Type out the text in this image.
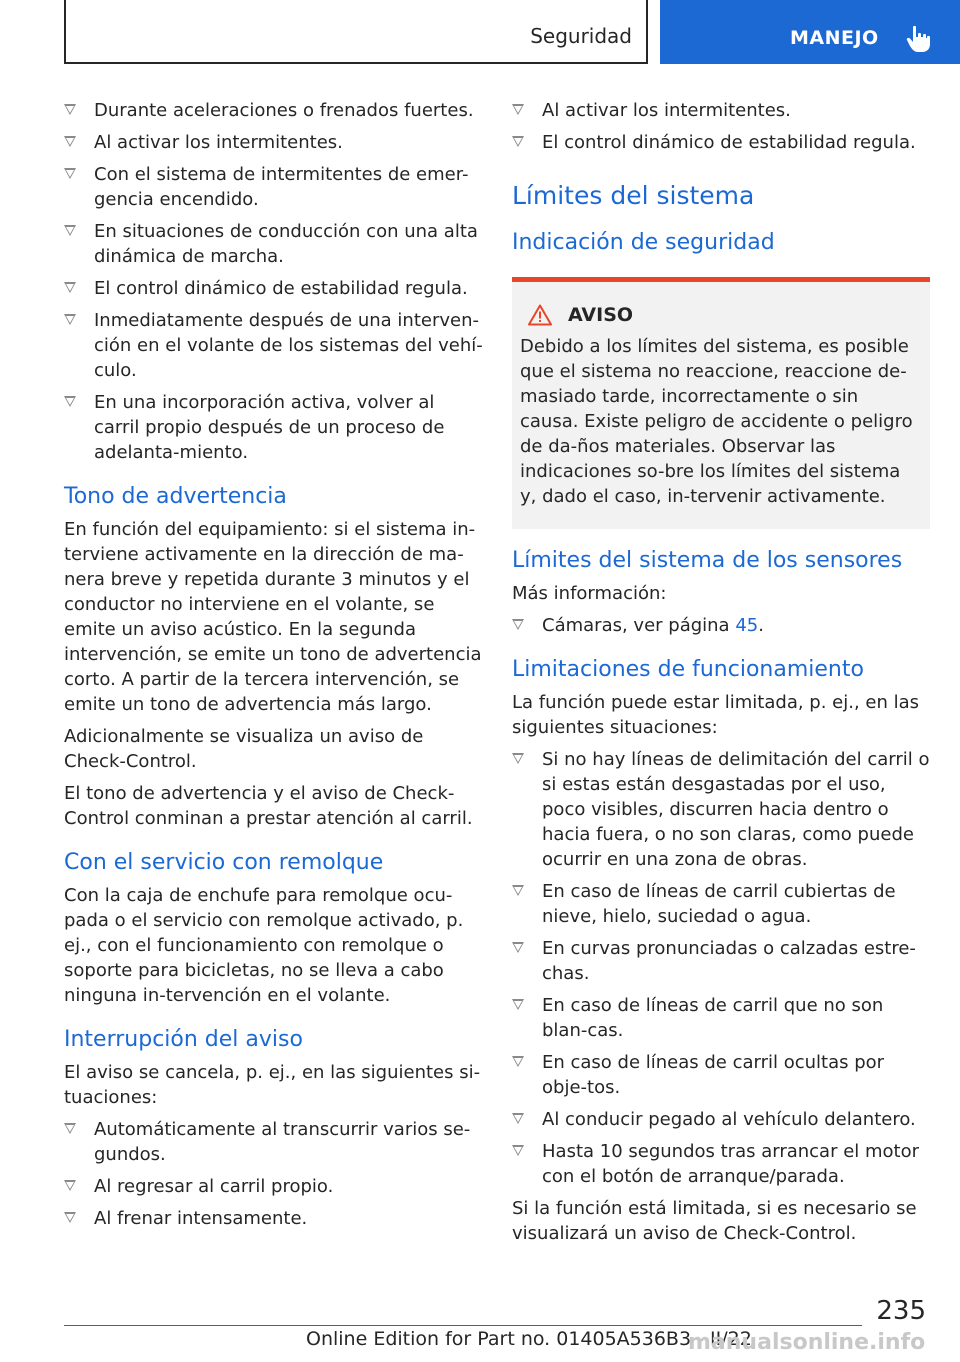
Seguridad	MANEJO
Durante aceleraciones o frenados fuertes.
Al activar los intermitentes.
Con el sistema de intermitentes de emer-gencia encendido.
En situaciones de conducción con una alta dinámica de marcha.
El control dinámico de estabilidad regula.
Inmediatamente después de una interven-ción en el volante de los sistemas del vehí-culo.
En una incorporación activa, volver al carril propio después de un proceso de adelanta-miento.
Tono de advertencia
En función del equipamiento: si el sistema in-terviene activamente en la dirección de ma-nera breve y repetida durante 3 minutos y el conductor no interviene en el volante, se emite un aviso acústico. En la segunda intervención, se emite un tono de advertencia corto. A partir de la tercera intervención, se emite un tono de advertencia más largo.
Adicionalmente se visualiza un aviso de Check-Control.
El tono de advertencia y el aviso de Check-Control conminan a prestar atención al carril.
Con el servicio con remolque
Con la caja de enchufe para remolque ocu-pada o el servicio con remolque activado, p. ej., con el funcionamiento con remolque o soporte para bicicletas, no se lleva a cabo ninguna in-tervención en el volante.
Interrupción del aviso
El aviso se cancela, p. ej., en las siguientes si-tuaciones:
Automáticamente al transcurrir varios se-gundos.
Al regresar al carril propio.
Al frenar intensamente.
Al activar los intermitentes.
El control dinámico de estabilidad regula.
Límites del sistema
Indicación de seguridad
AVISO
Debido a los límites del sistema, es posible que el sistema no reaccione, reaccione de-masiado tarde, incorrectamente o sin causa. Existe peligro de accidente o peligro de da-ños materiales. Observar las indicaciones so-bre los límites del sistema y, dado el caso, in-tervenir activamente.
Límites del sistema de los sensores
Más información:
Cámaras, ver página 45.
Limitaciones de funcionamiento
La función puede estar limitada, p. ej., en las siguientes situaciones:
Si no hay líneas de delimitación del carril o si estas están desgastadas por el uso, poco visibles, discurren hacia dentro o hacia fuera, o no son claras, como puede ocurrir en una zona de obras.
En caso de líneas de carril cubiertas de nieve, hielo, suciedad o agua.
En curvas pronunciadas o calzadas estre-chas.
En caso de líneas de carril que no son blan-cas.
En caso de líneas de carril ocultas por obje-tos.
Al conducir pegado al vehículo delantero.
Hasta 10 segundos tras arrancar el motor con el botón de arranque/parada.
Si la función está limitada, si es necesario se visualizará un aviso de Check-Control.
235
Online Edition for Part no. 01405A536B3 - II/22
manualsonline.info
